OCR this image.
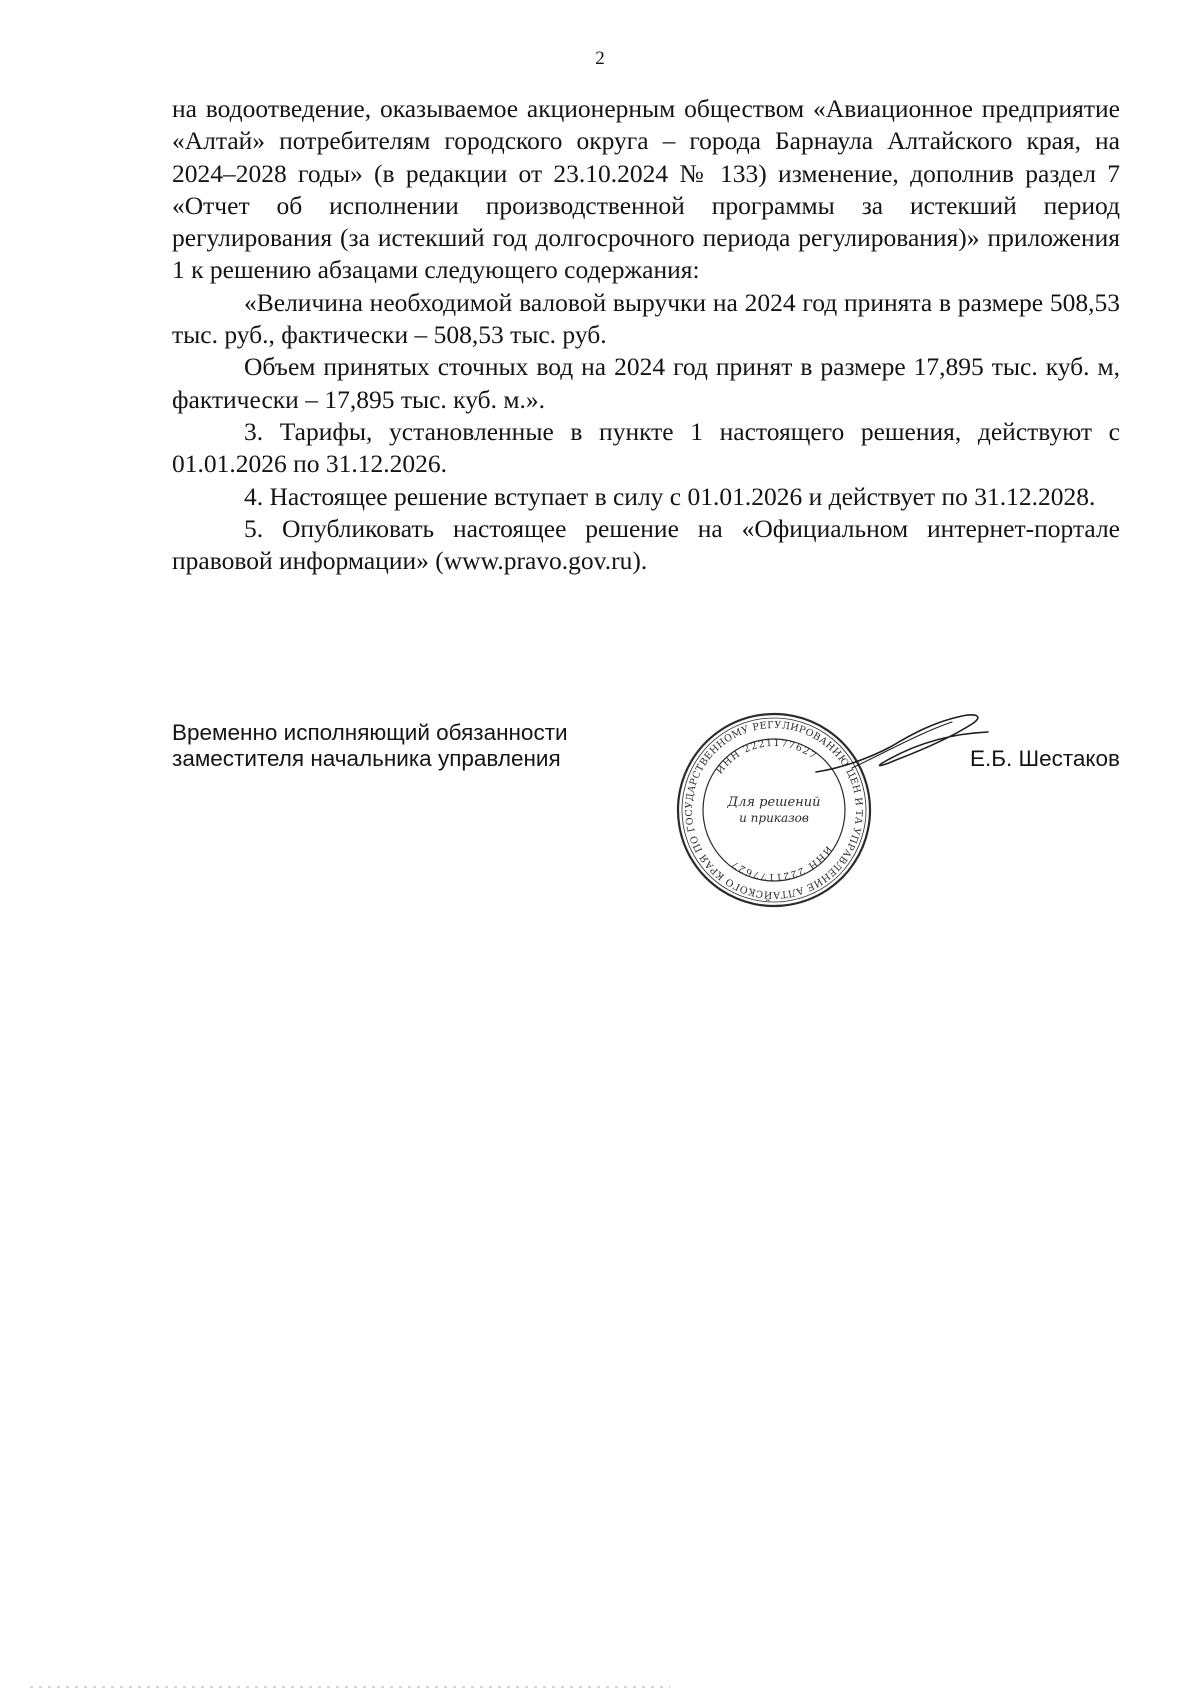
2

на водоотведение, оказываемое акционерным обществом «Авиационное предприятие «Алтай» потребителям городского округа – города Барнаула Алтайского края, на 2024–2028 годы» (в редакции от 23.10.2024 № 133) изменение, дополнив раздел 7 «Отчет об исполнении производственной программы за истекший период регулирования (за истекший год долгосрочного периода регулирования)» приложения 1 к решению абзацами следующего содержания:

«Величина необходимой валовой выручки на 2024 год принята в размере 508,53 тыс. руб., фактически – 508,53 тыс. руб.

Объем принятых сточных вод на 2024 год принят в размере 17,895 тыс. куб. м, фактически – 17,895 тыс. куб. м.».

3. Тарифы, установленные в пункте 1 настоящего решения, действуют с 01.01.2026 по 31.12.2026.

4. Настоящее решение вступает в силу с 01.01.2026 и действует по 31.12.2028.

5. Опубликовать настоящее решение на «Официальном интернет-портале правовой информации» (www.pravo.gov.ru).

Временно исполняющий обязанности
заместителя начальника управления
УПРАВЛЕНИЕ АЛТАЙСКОГО КРАЯ ПО ГОСУДАРСТВЕННОМУ РЕГУЛИРОВАНИЮ ЦЕН И ТАРИФОВ
ИНН 2221177627
ИНН 2221177627
Для решений
и приказов
Е.Б. Шестаков
